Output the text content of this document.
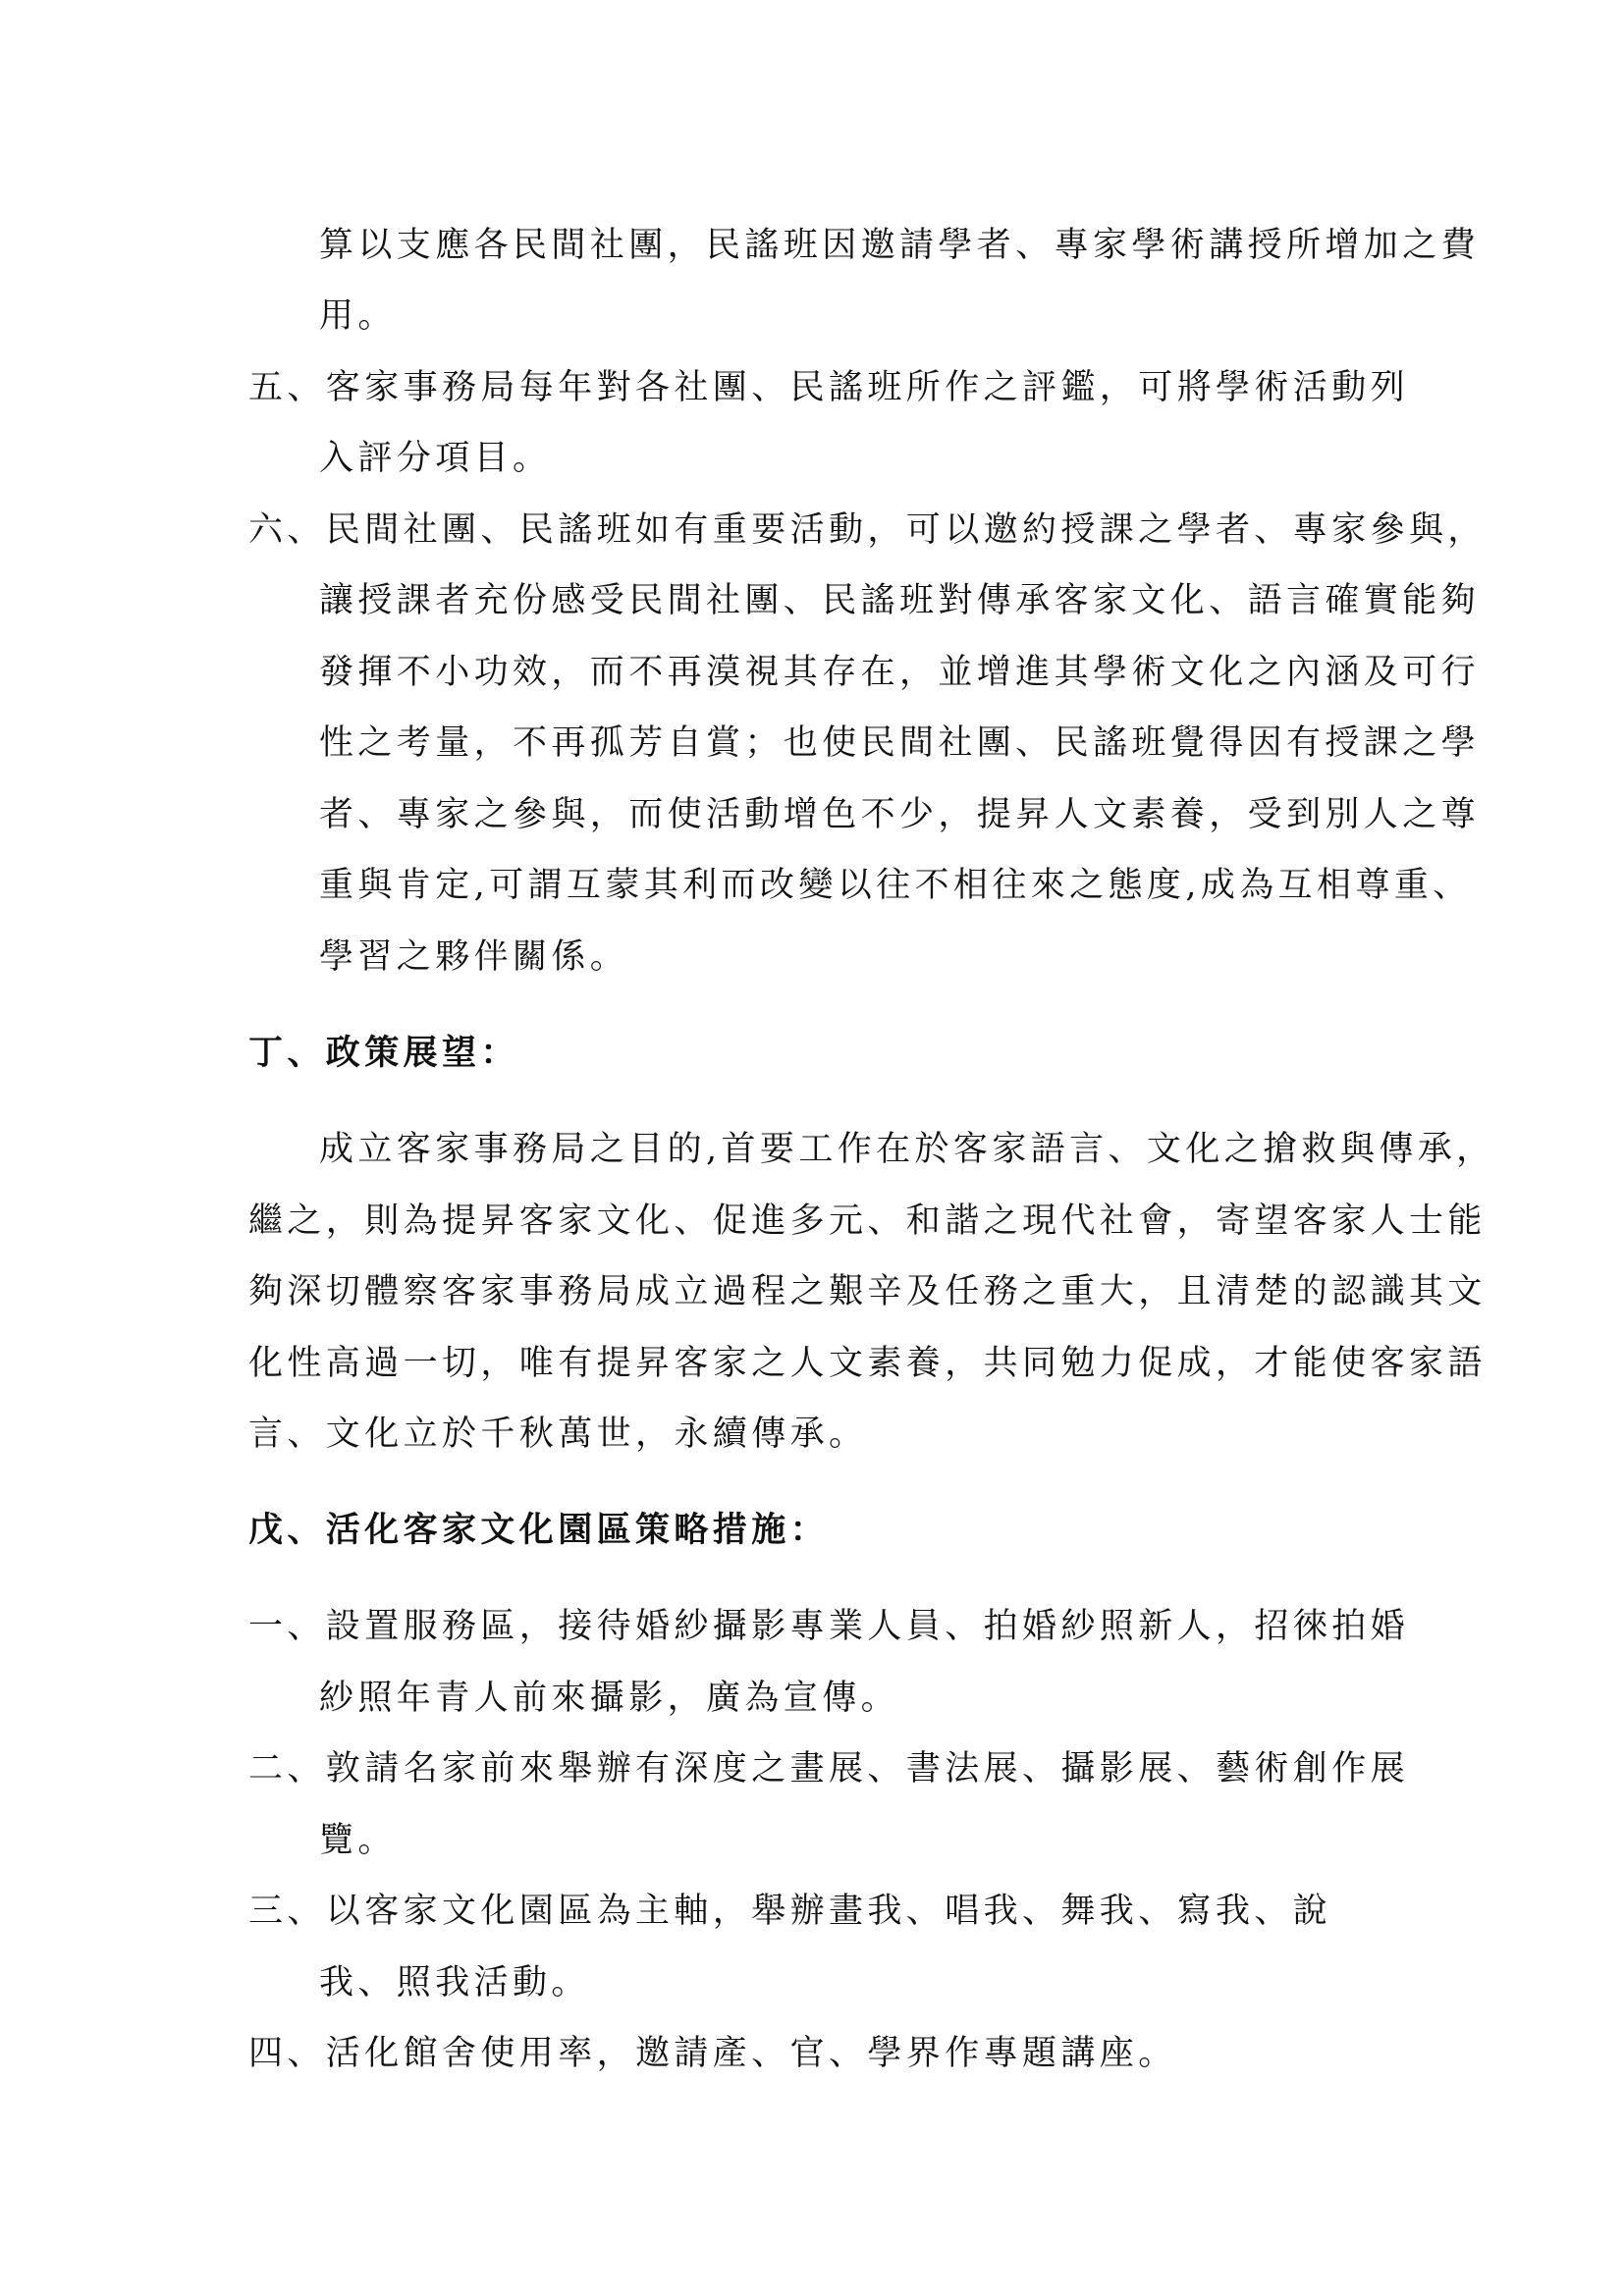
算以支應各民間社團，民謠班因邀請學者、專家學術講授所增加之費
用。
五、客家事務局每年對各社團、民謠班所作之評鑑，可將學術活動列
入評分項目。
六、民間社團、民謠班如有重要活動，可以邀約授課之學者、專家參與，
讓授課者充份感受民間社團、民謠班對傳承客家文化、語言確實能夠
發揮不小功效，而不再漠視其存在，並增進其學術文化之內涵及可行
性之考量，不再孤芳自賞；也使民間社團、民謠班覺得因有授課之學
者、專家之參與，而使活動增色不少，提昇人文素養，受到別人之尊
重與肯定,可謂互蒙其利而改變以往不相往來之態度,成為互相尊重、
學習之夥伴關係。
丁、政策展望：
成立客家事務局之目的,首要工作在於客家語言、文化之搶救與傳承，
繼之，則為提昇客家文化、促進多元、和諧之現代社會，寄望客家人士能
夠深切體察客家事務局成立過程之艱辛及任務之重大，且清楚的認識其文
化性高過一切，唯有提昇客家之人文素養，共同勉力促成，才能使客家語
言、文化立於千秋萬世，永續傳承。
戊、活化客家文化園區策略措施：
一、設置服務區，接待婚紗攝影專業人員、拍婚紗照新人，招徠拍婚
紗照年青人前來攝影，廣為宣傳。
二、敦請名家前來舉辦有深度之畫展、書法展、攝影展、藝術創作展
覽。
三、以客家文化園區為主軸，舉辦畫我、唱我、舞我、寫我、說
我、照我活動。
四、活化館舍使用率，邀請產、官、學界作專題講座。
